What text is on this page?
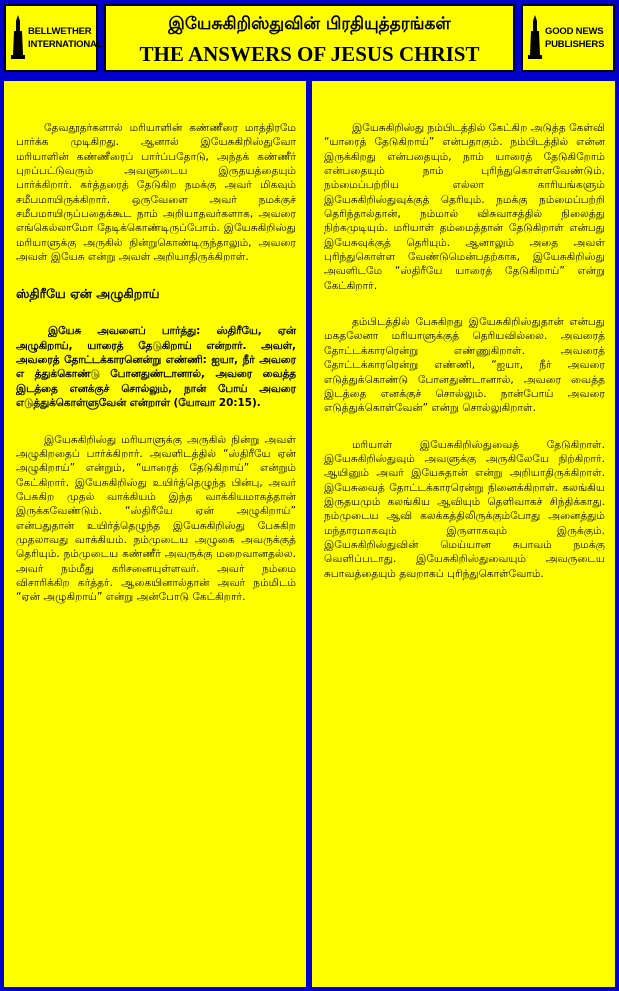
BELLWETHER
INTERNATIONAL
இயேசுகிறிஸ்துவின் பிரதியுத்தரங்கள்
THE ANSWERS OF JESUS CHRIST
GOOD NEWS
PUBLISHERS

தேவதூதர்களால் மரியாளின் கண்ணீரை மாத்திரமே பார்க்க முடிகிறது. ஆனால் இயேசுகிறிஸ்துவோ மரியாளின் கண்ணீரைப் பார்ப்பதோடு, அந்தக் கண்ணீர் புறப்பட்டுவரும் அவளுடைய இருதயத்தையும் பார்க்கிறார். கர்த்தரைத் தேடுகிற நமக்கு அவர் மிகவும் சமீபமாயிருக்கிறார். ஒருவேளை அவர் நமக்குச் சமீபமாயிருப்பதைக்கூட நாம் அறியாதவர்களாக, அவரை எங்கெல்லாமோ தேடிக்கொண்டிருப்போம். இயேசுகிறிஸ்து மரியாளுக்கு அருகில் நின்றுகொண்டிருந்தாலும், அவரை அவள் இயேசு என்று அவள் அறியாதிருக்கிறாள்.

ஸ்திரீயே ஏன் அழுகிறாய்

இயேசு அவளைப் பார்த்து: ஸ்திரீயே, ஏன் அழுகிறாய், யாரைத் தேடுகிறாய் என்றார். அவள், அவரைத் தோட்டக்காரனென்று எண்ணி: ஐயா, நீர் அவரை எ த்துக்கொண்டு போனதுண்டானால், அவரை வைத்த இடத்தை எனக்குச் சொல்லும், நான் போய் அவரை எடுத்துக்கொள்ளுவேன் என்றாள் (யோவா 20:15).

இயேசுகிறிஸ்து மரியாளுக்கு அருகில் நின்று அவள் அழுகிறதைப் பார்க்கிறார். அவளிடத்தில் “ஸ்திரீயே ஏன் அழுகிறாய்” என்றும், “யாரைத் தேடுகிறாய்” என்றும் கேட்கிறார். இயேசுகிறிஸ்து உயிர்த்தெழுந்த பின்பு, அவர் பேசுகிற முதல் வாக்கியம் இந்த வாக்கியமாகத்தான் இருக்கவேண்டும். “ஸ்திரீயே ஏன் அழுகிறாய்” என்பதுதான் உயிர்த்தெழுந்த இயேசுகிறிஸ்து பேசுகிற முதலாவது வாக்கியம். நம்முடைய அழுகை அவருக்குத் தெரியும். நம்முடைய கண்ணீர் அவருக்கு மறைவானதல்ல. அவர் நம்மீது கரிசனையுள்ளவர். அவர் நம்மை விசாரிக்கிற கர்த்தர். ஆகையினால்தான் அவர் நம்மிடம் “ஏன் அழுகிறாய்” என்று அன்போடு கேட்கிறார்.

இயேசுகிறிஸ்து நம்பிடத்தில் கேட்கிற அடுத்த கேள்வி “யாரைத் தேடுகிறாய்” என்பதாகும். நம்பிடத்தில் என்ன இருக்கிறது என்பதையும், நாம் யாரைத் தேடுகிறோம் என்பதையும் நாம் புரிந்துகொள்ளவேண்டும். நம்மைப்பற்றிய எல்லா காரியங்களும் இயேசுகிறிஸ்துவுக்குத் தெரியும். நமக்கு நம்மைப்பற்றி தெரிந்தால்தான், நம்மால் விசுவாசத்தில் நிலைத்து நிற்கமுடியும். மரியாள் தம்மைத்தான் தேடுகிறாள் என்பது இயேசுவுக்குத் தெரியும். ஆனாலும் அதை அவள் புரிந்துகொள்ள வேண்டுமென்பதற்காக, இயேசுகிறிஸ்து அவளிடமே “ஸ்திரீயே யாரைத் தேடுகிறாய்” என்று கேட்கிறார்.

தம்பிடத்தில் பேசுகிறது இயேசுகிறிஸ்துதான் என்பது மகதலேனா மரியாளுக்குத் தெரியவில்லை. அவரைத் தோட்டக்காரரென்று எண்ணுகிறாள். அவரைத் தோட்டக்காரரென்று எண்ணி, “ஐயா, நீர் அவரை எடுத்துக்கொண்டு போனதுண்டானால், அவரை வைத்த இடத்தை எனக்குச் சொல்லும். நான்போய் அவரை எடுத்துக்கொள்வேன்” என்று சொல்லுகிறாள்.

மரியாள் இயேசுகிறிஸ்துவைத் தேடுகிறாள். இயேசுகிறிஸ்துவும் அவளுக்கு அருகிலேயே நிற்கிறார். ஆயினும் அவர் இயேசுதான் என்று அறியாதிருக்கிறாள். இயேசுவைத் தோட்டக்காரரென்று நினைக்கிறாள். கலங்கிய இருதயமும் கலங்கிய ஆவியும் தெளிவாகச் சிந்திக்காது. நம்முடைய ஆவி கலக்கத்திலிருக்கும்போது அனைத்தும் மந்தாரமாகவும் இருளாகவும் இருக்கும். இயேசுகிறிஸ்துவின் மெய்யான சுபாவம் நமக்கு வெளிப்படாது. இயேசுகிறிஸ்துவையும் அவருடைய சுபாவத்தையும் தவறாகப் புரிந்துகொள்வோம்.
